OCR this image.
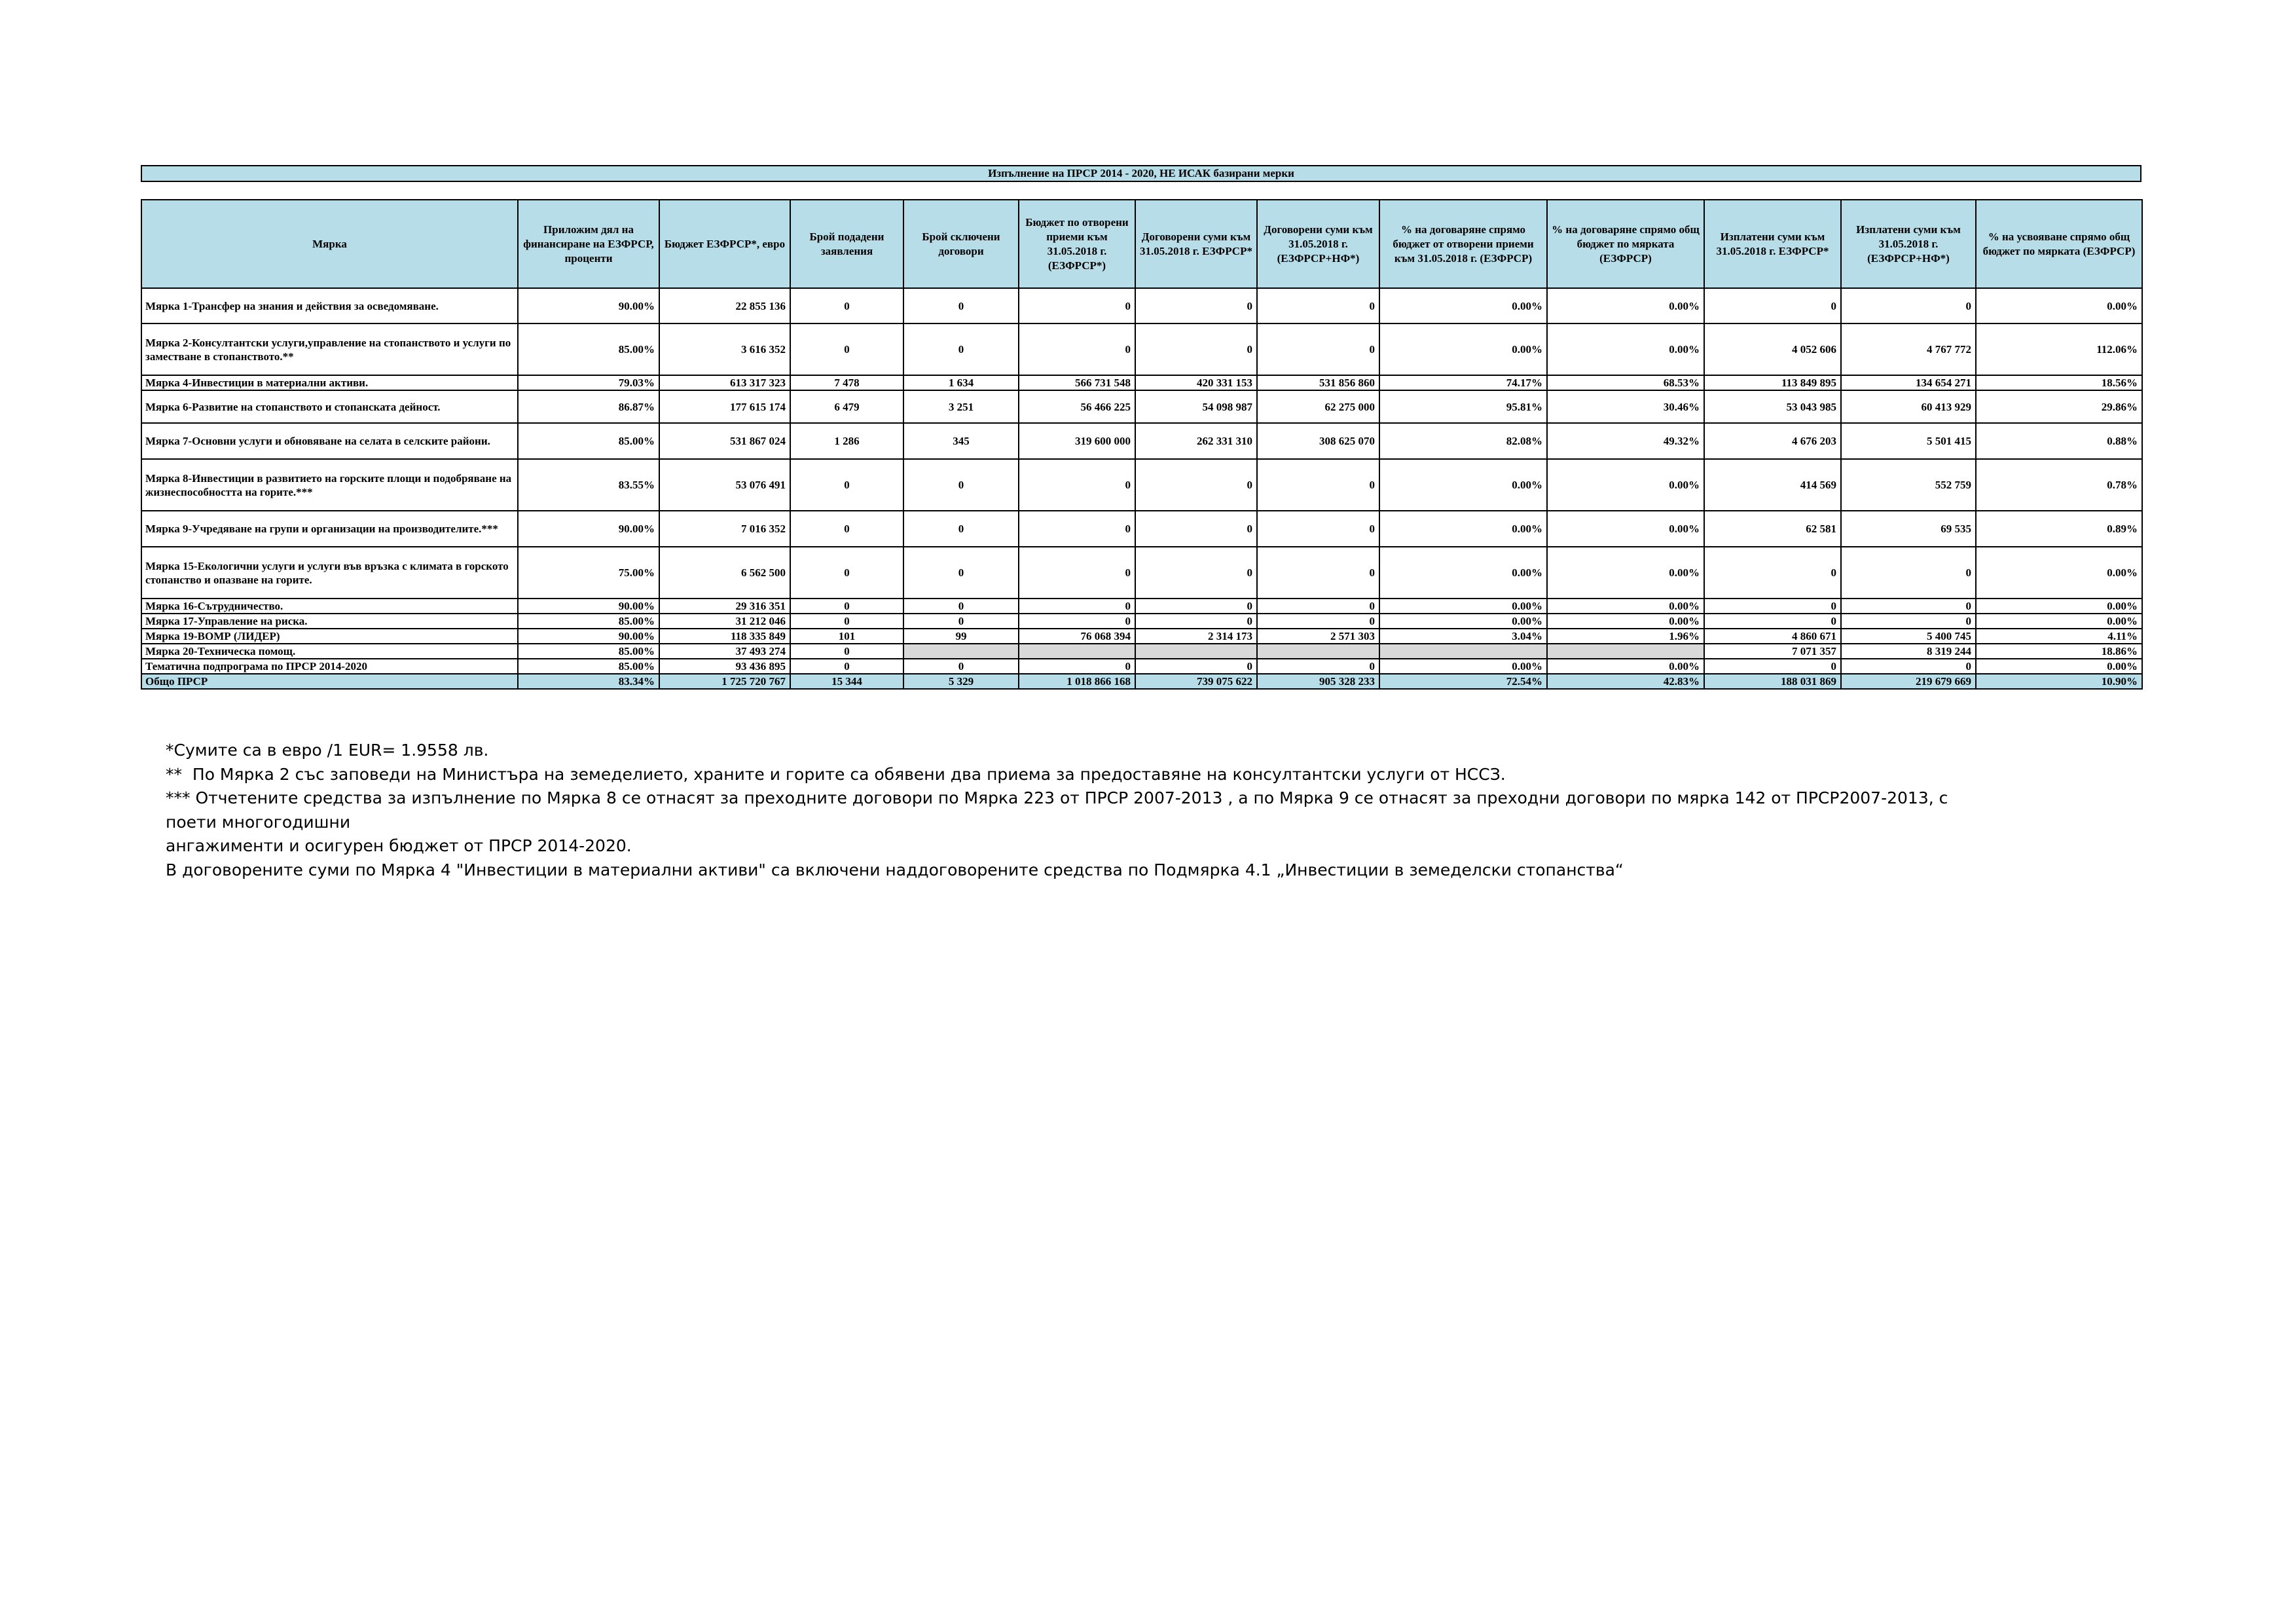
Изпълнение на ПРСР 2014 - 2020, НЕ ИСАК базирани мерки
Мярка	Приложим дял на финансиране на ЕЗФРСР, проценти	Бюджет ЕЗФРСР*, евро	Брой подадени заявления	Брой сключени договори	Бюджет по отворени приеми към 31.05.2018 г. (ЕЗФРСР*)	Договорени суми към 31.05.2018 г. ЕЗФРСР*	Договорени суми към 31.05.2018 г. (ЕЗФРСР+НФ*)	% на договаряне спрямо бюджет от отворени приеми към 31.05.2018 г. (ЕЗФРСР)	% на договаряне спрямо общ бюджет по мярката (ЕЗФРСР)	Изплатени суми към 31.05.2018 г. ЕЗФРСР*	Изплатени суми към 31.05.2018 г. (ЕЗФРСР+НФ*)	% на усвояване спрямо общ бюджет по мярката (ЕЗФРСР)
Мярка 1-Трансфер на знания и действия за осведомяване.	90.00%	22 855 136	0	0	0	0	0	0.00%	0.00%	0	0	0.00%
Мярка 2-Консултантски услуги,управление на стопанството и услуги по заместване в стопанството.**	85.00%	3 616 352	0	0	0	0	0	0.00%	0.00%	4 052 606	4 767 772	112.06%
Мярка 4-Инвестиции в материални активи.	79.03%	613 317 323	7 478	1 634	566 731 548	420 331 153	531 856 860	74.17%	68.53%	113 849 895	134 654 271	18.56%
Мярка 6-Развитие на стопанството и стопанската дейност.	86.87%	177 615 174	6 479	3 251	56 466 225	54 098 987	62 275 000	95.81%	30.46%	53 043 985	60 413 929	29.86%
Мярка 7-Основни услуги и обновяване на селата в селските райони.	85.00%	531 867 024	1 286	345	319 600 000	262 331 310	308 625 070	82.08%	49.32%	4 676 203	5 501 415	0.88%
Мярка 8-Инвестиции в развитието на горските площи и подобряване на жизнеспособността на горите.***	83.55%	53 076 491	0	0	0	0	0	0.00%	0.00%	414 569	552 759	0.78%
Мярка 9-Учредяване на групи и организации на производителите.***	90.00%	7 016 352	0	0	0	0	0	0.00%	0.00%	62 581	69 535	0.89%
Мярка 15-Екологични услуги и услуги във връзка с климата в горското стопанство и опазване на горите.	75.00%	6 562 500	0	0	0	0	0	0.00%	0.00%	0	0	0.00%
Мярка 16-Сътрудничество.	90.00%	29 316 351	0	0	0	0	0	0.00%	0.00%	0	0	0.00%
Мярка 17-Управление на риска.	85.00%	31 212 046	0	0	0	0	0	0.00%	0.00%	0	0	0.00%
Мярка 19-ВОМР (ЛИДЕР)	90.00%	118 335 849	101	99	76 068 394	2 314 173	2 571 303	3.04%	1.96%	4 860 671	5 400 745	4.11%
Мярка 20-Техническа помощ.	85.00%	37 493 274	0							7 071 357	8 319 244	18.86%
Тематична подпрограма по ПРСР 2014-2020	85.00%	93 436 895	0	0	0	0	0	0.00%	0.00%	0	0	0.00%
Общо ПРСР	83.34%	1 725 720 767	15 344	5 329	1 018 866 168	739 075 622	905 328 233	72.54%	42.83%	188 031 869	219 679 669	10.90%

*Сумите са в евро /1 EUR= 1.9558 лв.

**  По Мярка 2 със заповеди на Министъра на земеделието, храните и горите са обявени два приема за предоставяне на консултантски услуги от НССЗ.

*** Отчетените средства за изпълнение по Мярка 8 се отнасят за преходните договори по Мярка 223 от ПРСР 2007-2013 , а по Мярка 9 се отнасят за преходни договори по мярка 142 от ПРСР2007-2013, с поети многогодишни

ангажименти и осигурен бюджет от ПРСР 2014-2020.

В договорените суми по Мярка 4 "Инвестиции в материални активи" са включени наддоговорените средства по Подмярка 4.1 „Инвестиции в земеделски стопанства“
